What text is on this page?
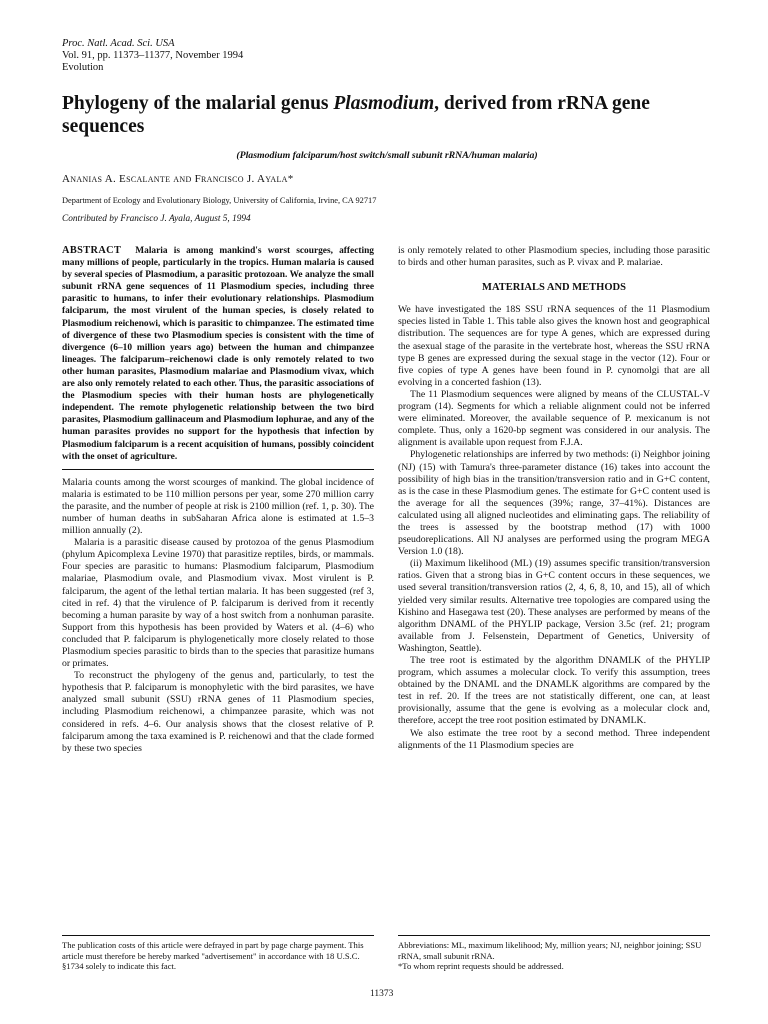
Proc. Natl. Acad. Sci. USA
Vol. 91, pp. 11373–11377, November 1994
Evolution
Phylogeny of the malarial genus Plasmodium, derived from rRNA gene sequences
(Plasmodium falciparum/host switch/small subunit rRNA/human malaria)
Ananias A. Escalante and Francisco J. Ayala*
Department of Ecology and Evolutionary Biology, University of California, Irvine, CA 92717
Contributed by Francisco J. Ayala, August 5, 1994

ABSTRACT Malaria is among mankind's worst scourges, affecting many millions of people, particularly in the tropics. Human malaria is caused by several species of Plasmodium, a parasitic protozoan. We analyze the small subunit rRNA gene sequences of 11 Plasmodium species, including three parasitic to humans, to infer their evolutionary relationships. Plasmodium falciparum, the most virulent of the human species, is closely related to Plasmodium reichenowi, which is parasitic to chimpanzee. The estimated time of divergence of these two Plasmodium species is consistent with the time of divergence (6–10 million years ago) between the human and chimpanzee lineages. The falciparum–reichenowi clade is only remotely related to two other human parasites, Plasmodium malariae and Plasmodium vivax, which are also only remotely related to each other. Thus, the parasitic associations of the Plasmodium species with their human hosts are phylogenetically independent. The remote phylogenetic relationship between the two bird parasites, Plasmodium gallinaceum and Plasmodium lophurae, and any of the human parasites provides no support for the hypothesis that infection by Plasmodium falciparum is a recent acquisition of humans, possibly coincident with the onset of agriculture.

Malaria counts among the worst scourges of mankind. The global incidence of malaria is estimated to be 110 million persons per year, some 270 million carry the parasite, and the number of people at risk is 2100 million (ref. 1, p. 30). The number of human deaths in subSaharan Africa alone is estimated at 1.5–3 million annually (2).

Malaria is a parasitic disease caused by protozoa of the genus Plasmodium (phylum Apicomplexa Levine 1970) that parasitize reptiles, birds, or mammals. Four species are parasitic to humans: Plasmodium falciparum, Plasmodium malariae, Plasmodium ovale, and Plasmodium vivax. Most virulent is P. falciparum, the agent of the lethal tertian malaria. It has been suggested (ref 3, cited in ref. 4) that the virulence of P. falciparum is derived from it recently becoming a human parasite by way of a host switch from a nonhuman parasite. Support from this hypothesis has been provided by Waters et al. (4–6) who concluded that P. falciparum is phylogenetically more closely related to those Plasmodium species parasitic to birds than to the species that parasitize humans or primates.

To reconstruct the phylogeny of the genus and, particularly, to test the hypothesis that P. falciparum is monophyletic with the bird parasites, we have analyzed small subunit (SSU) rRNA genes of 11 Plasmodium species, including Plasmodium reichenowi, a chimpanzee parasite, which was not considered in refs. 4–6. Our analysis shows that the closest relative of P. falciparum among the taxa examined is P. reichenowi and that the clade formed by these two species

is only remotely related to other Plasmodium species, including those parasitic to birds and other human parasites, such as P. vivax and P. malariae.

MATERIALS AND METHODS

We have investigated the 18S SSU rRNA sequences of the 11 Plasmodium species listed in Table 1. This table also gives the known host and geographical distribution. The sequences are for type A genes, which are expressed during the asexual stage of the parasite in the vertebrate host, whereas the SSU rRNA type B genes are expressed during the sexual stage in the vector (12). Four or five copies of type A genes have been found in P. cynomolgi that are all evolving in a concerted fashion (13).

The 11 Plasmodium sequences were aligned by means of the CLUSTAL-V program (14). Segments for which a reliable alignment could not be inferred were eliminated. Moreover, the available sequence of P. mexicanum is not complete. Thus, only a 1620-bp segment was considered in our analysis. The alignment is available upon request from F.J.A.

Phylogenetic relationships are inferred by two methods: (i) Neighbor joining (NJ) (15) with Tamura's three-parameter distance (16) takes into account the possibility of high bias in the transition/transversion ratio and in G+C content, as is the case in these Plasmodium genes. The estimate for G+C content used is the average for all the sequences (39%; range, 37–41%). Distances are calculated using all aligned nucleotides and eliminating gaps. The reliability of the trees is assessed by the bootstrap method (17) with 1000 pseudoreplications. All NJ analyses are performed using the program MEGA Version 1.0 (18).

(ii) Maximum likelihood (ML) (19) assumes specific transition/transversion ratios. Given that a strong bias in G+C content occurs in these sequences, we used several transition/transversion ratios (2, 4, 6, 8, 10, and 15), all of which yielded very similar results. Alternative tree topologies are compared using the Kishino and Hasegawa test (20). These analyses are performed by means of the algorithm DNAML of the PHYLIP package, Version 3.5c (ref. 21; program available from J. Felsenstein, Department of Genetics, University of Washington, Seattle).

The tree root is estimated by the algorithm DNAMLK of the PHYLIP program, which assumes a molecular clock. To verify this assumption, trees obtained by the DNAML and the DNAMLK algorithms are compared by the test in ref. 20. If the trees are not statistically different, one can, at least provisionally, assume that the gene is evolving as a molecular clock and, therefore, accept the tree root position estimated by DNAMLK.

We also estimate the tree root by a second method. Three independent alignments of the 11 Plasmodium species are

The publication costs of this article were defrayed in part by page charge payment. This article must therefore be hereby marked "advertisement" in accordance with 18 U.S.C. §1734 solely to indicate this fact.
Abbreviations: ML, maximum likelihood; My, million years; NJ, neighbor joining; SSU rRNA, small subunit rRNA.
*To whom reprint requests should be addressed.
11373
